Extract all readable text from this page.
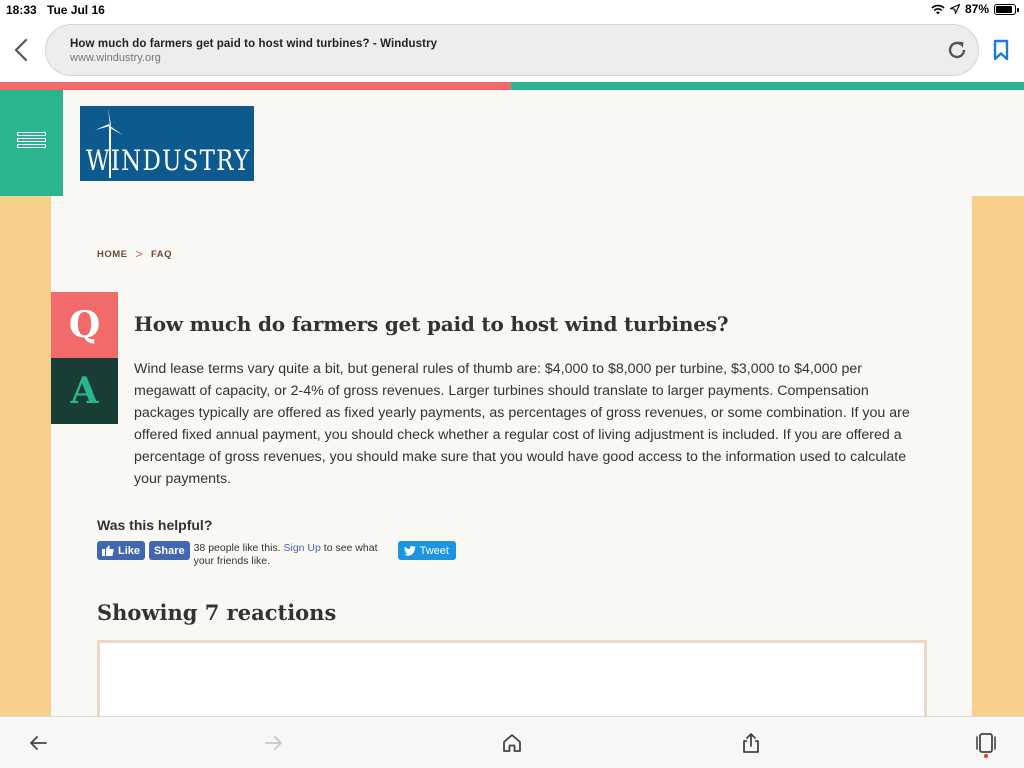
18:33 Tue Jul 16	87%
How much do farmers get paid to host wind turbines? - Windustry
www.windustry.org
WINDUSTRY
HOME > FAQ
Q
A
How much do farmers get paid to host wind turbines?

Wind lease terms vary quite a bit, but general rules of thumb are: $4,000 to $8,000 per turbine, $3,000 to $4,000 per megawatt of capacity, or 2-4% of gross revenues. Larger turbines should translate to larger payments. Compensation packages typically are offered as fixed yearly payments, as percentages of gross revenues, or some combination. If you are offered fixed annual payment, you should check whether a regular cost of living adjustment is included. If you are offered a percentage of gross revenues, you should make sure that you would have good access to the information used to calculate your payments.

Was this helpful?
Like	Share 38 people like this. Sign Up to see what your friends like.
Tweet
Showing 7 reactions
